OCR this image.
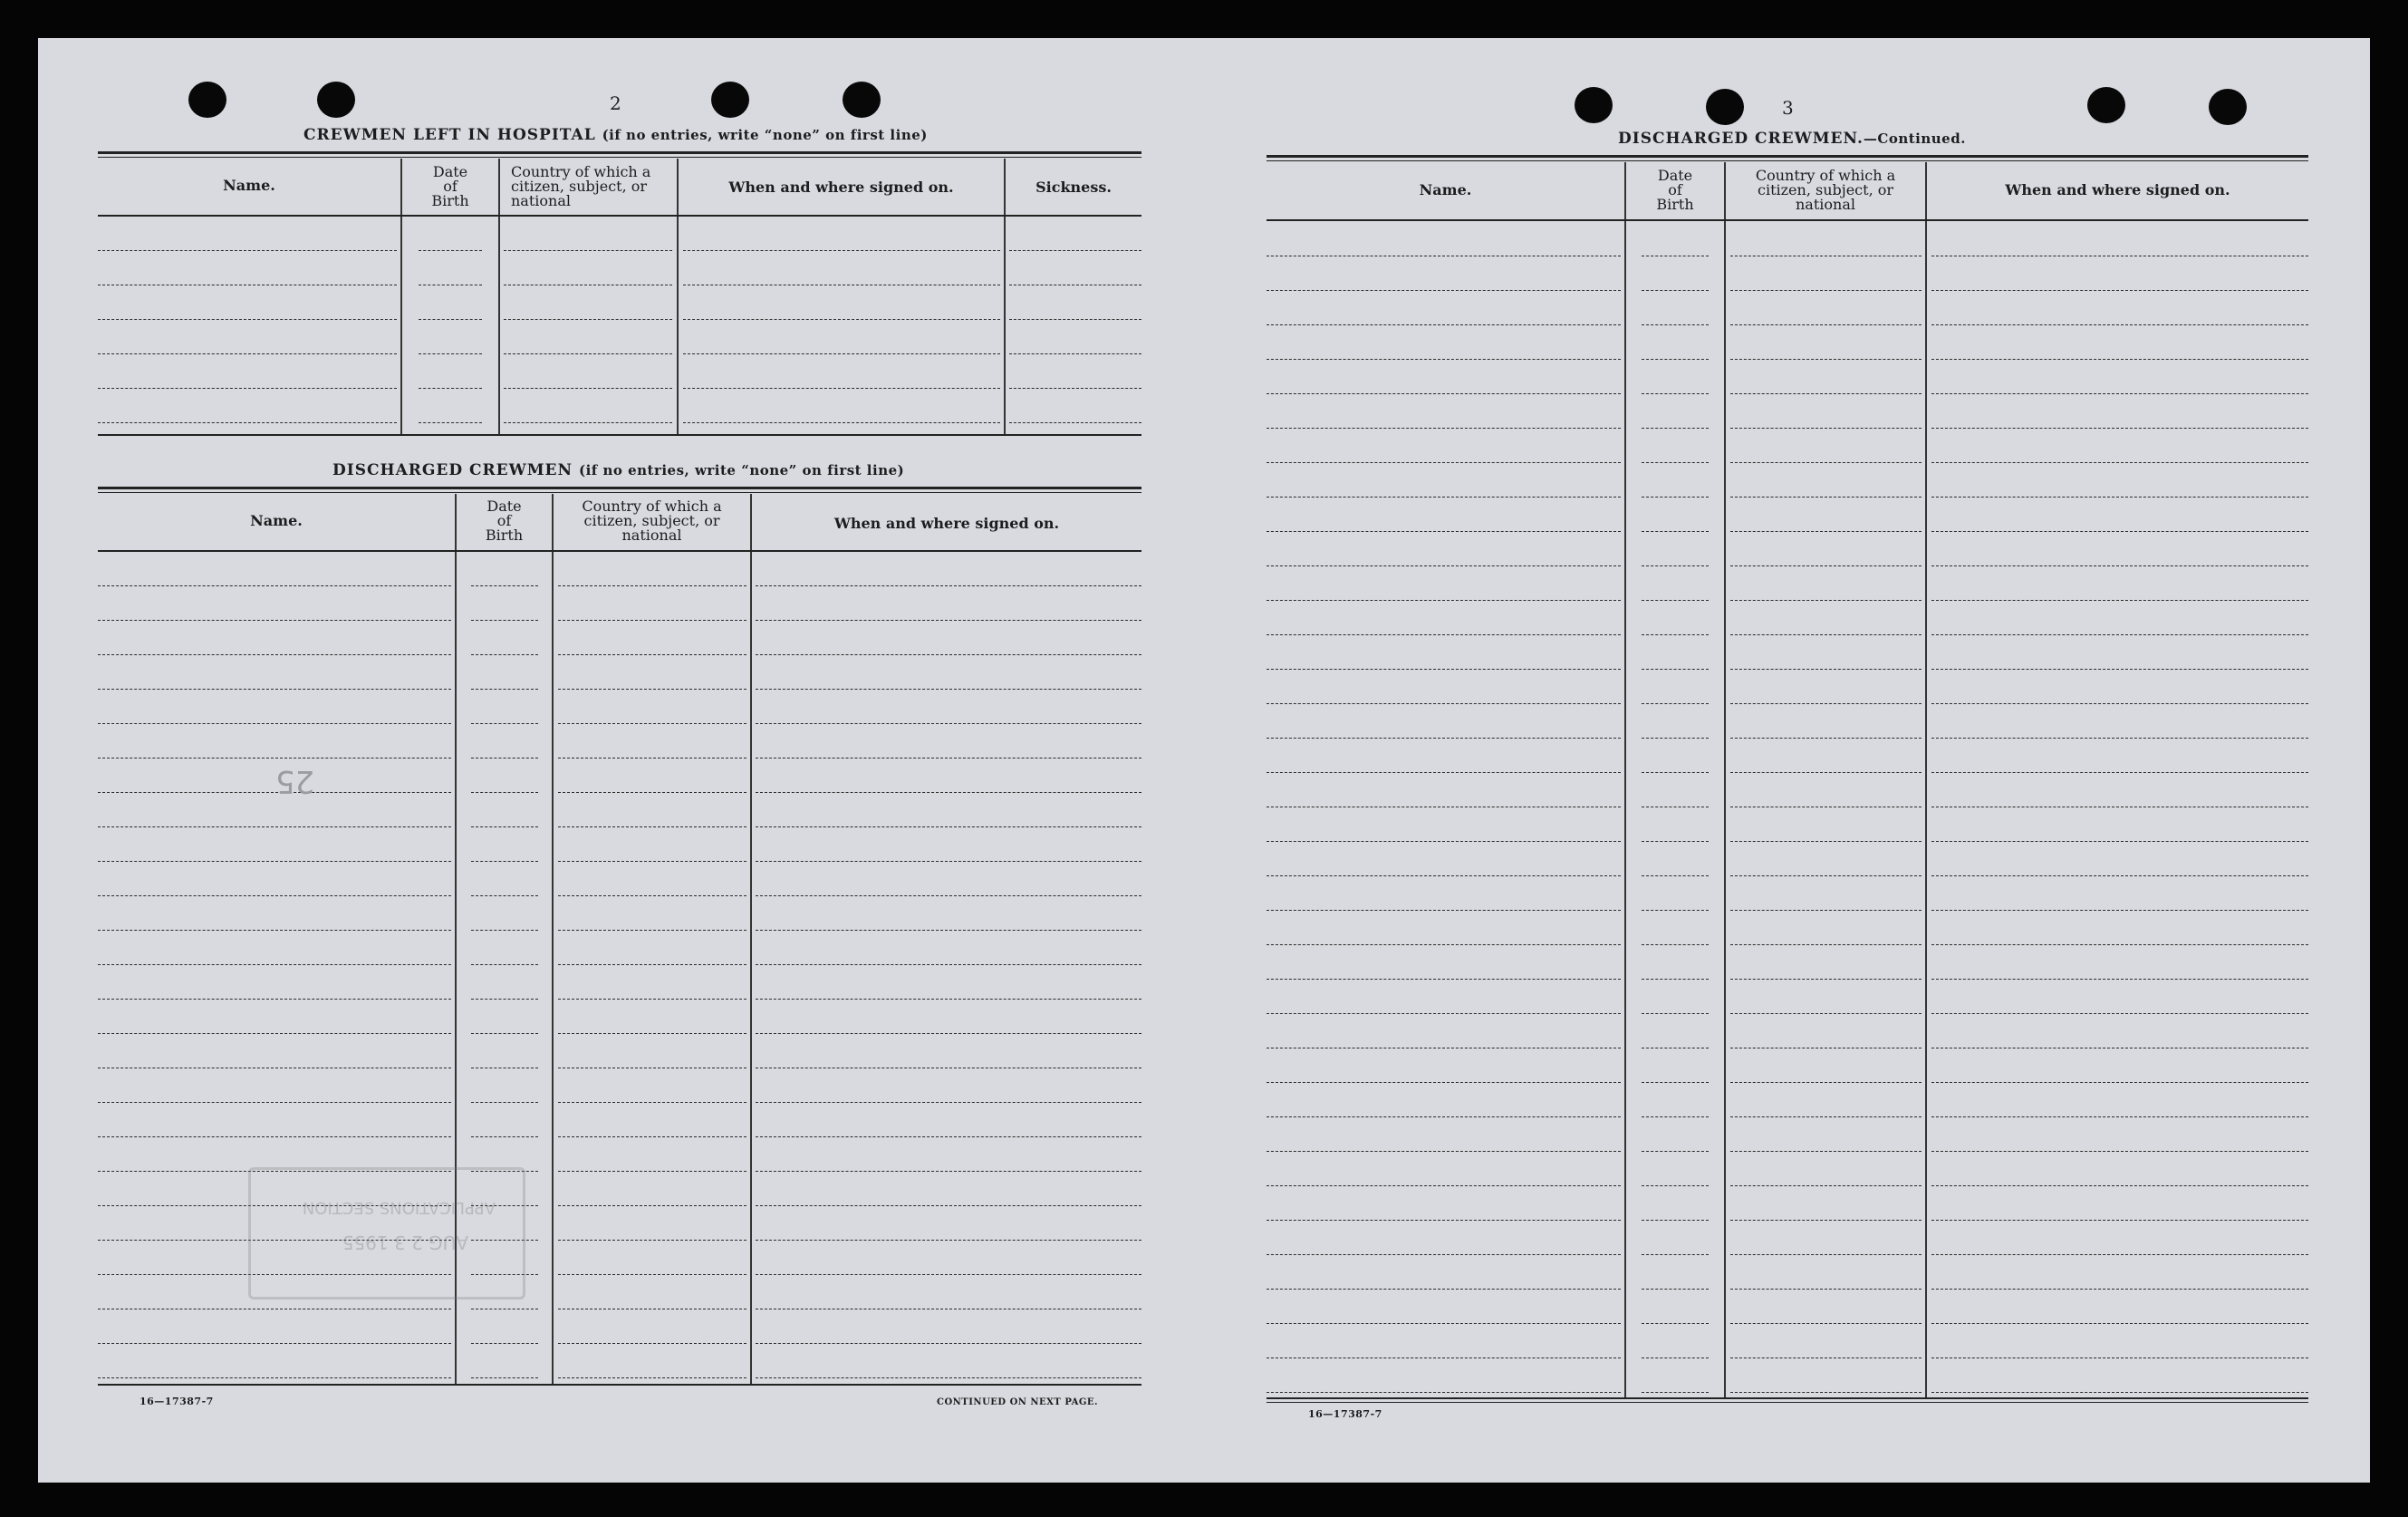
2
CREWMEN LEFT IN HOSPITAL (if no entries, write “none” on first line)
Name.
Date
of
Birth
Country of which a
citizen, subject, or
national
When and where signed on.	Sickness.
DISCHARGED CREWMEN (if no entries, write “none” on first line)
Name.
Date
of
Birth
Country of which a
citizen, subject, or
national
When and where signed on.
25
AUG 2 3 1955
APPLICATIONS SECTION
16—17387-7	CONTINUED ON NEXT PAGE.
3
DISCHARGED CREWMEN.—Continued.
Name.
Date
of
Birth
Country of which a
citizen, subject, or
national
When and where signed on.
16—17387-7
